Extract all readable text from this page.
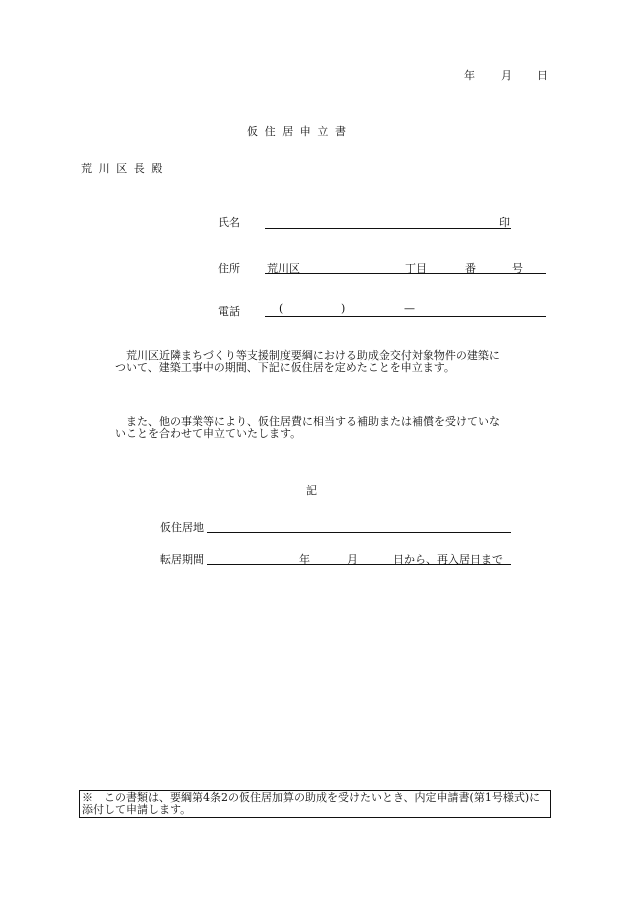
年 月 日
仮住居申立書
荒川区長殿
氏名	印
住所 荒川区	丁目	番	号
電話	(	)	—
荒川区近隣まちづくり等支援制度要綱における助成金交付対象物件の建築について、建築工事中の期間、下記に仮住居を定めたことを申立ます。
また、他の事業等により、仮住居費に相当する補助または補償を受けていないことを合わせて申立ていたします。
記
仮住居地
転居期間	年	月	日から、再入居日まで
※　この書類は、要綱第4条2の仮住居加算の助成を受けたいとき、内定申請書(第1号様式)に添付して申請します。
